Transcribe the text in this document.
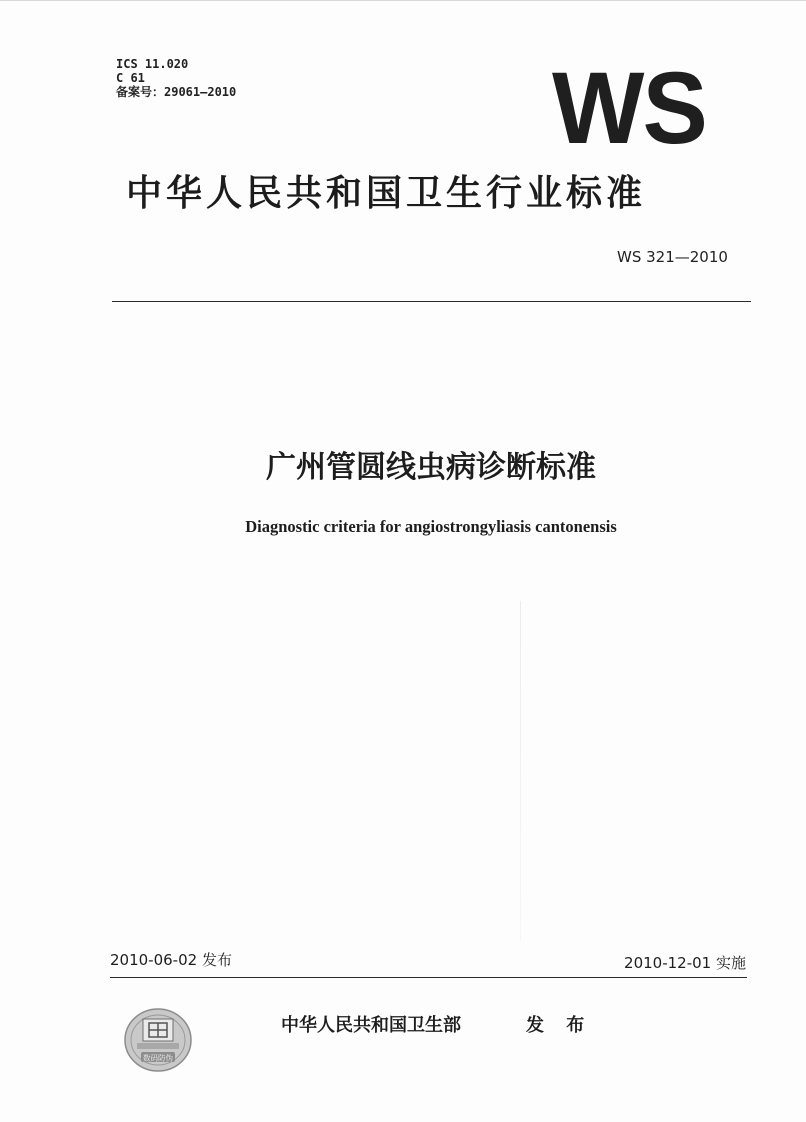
ICS 11.020
C 61
备案号：29061—2010	WS
中华人民共和国卫生行业标准
WS 321—2010
广州管圆线虫病诊断标准
Diagnostic criteria for angiostrongyliasis cantonensis
2010-06-02 发布	2010-12-01 实施
数码防伪
中华人民共和国卫生部	发 布
